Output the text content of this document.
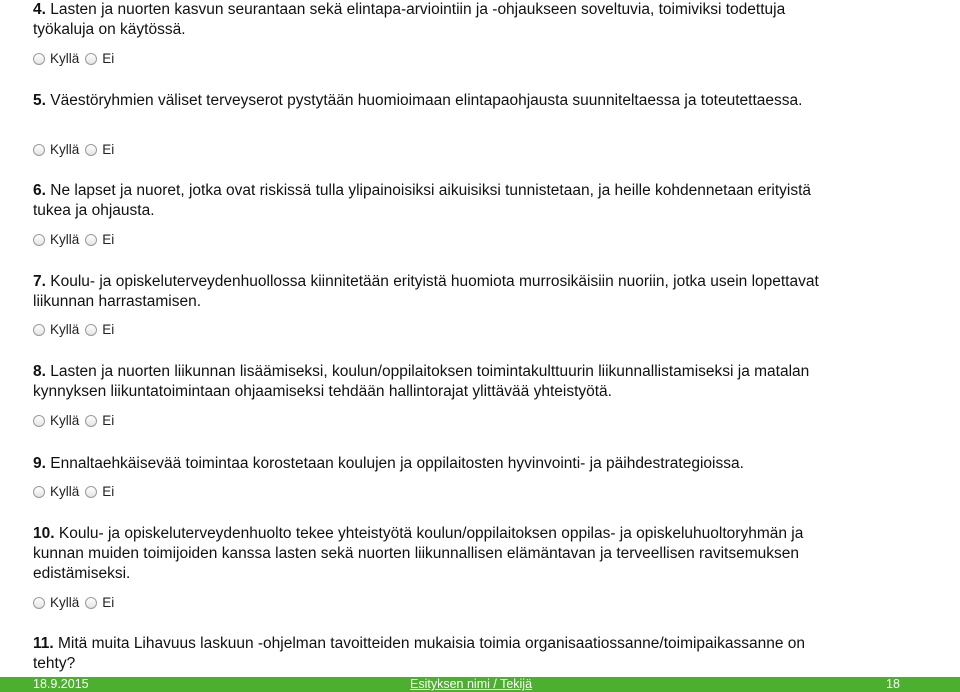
4. Lasten ja nuorten kasvun seurantaan sekä elintapa-arviointiin ja -ohjaukseen soveltuvia, toimiviksi todettuja työkaluja on käytössä.

Kyllä Ei

5. Väestöryhmien väliset terveyserot pystytään huomioimaan elintapaohjausta suunniteltaessa ja toteutettaessa.

Kyllä Ei

6. Ne lapset ja nuoret, jotka ovat riskissä tulla ylipainoisiksi aikuisiksi tunnistetaan, ja heille kohdennetaan erityistä tukea ja ohjausta.

Kyllä Ei

7. Koulu- ja opiskeluterveydenhuollossa kiinnitetään erityistä huomiota murrosikäisiin nuoriin, jotka usein lopettavat liikunnan harrastamisen.

Kyllä Ei

8. Lasten ja nuorten liikunnan lisäämiseksi, koulun/oppilaitoksen toimintakulttuurin liikunnallistamiseksi ja matalan kynnyksen liikuntatoimintaan ohjaamiseksi tehdään hallintorajat ylittävää yhteistyötä.

Kyllä Ei

9. Ennaltaehkäisevää toimintaa korostetaan koulujen ja oppilaitosten hyvinvointi- ja päihdestrategioissa.

Kyllä Ei

10. Koulu- ja opiskeluterveydenhuolto tekee yhteistyötä koulun/oppilaitoksen oppilas- ja opiskeluhuoltoryhmän ja kunnan muiden toimijoiden kanssa lasten sekä nuorten liikunnallisen elämäntavan ja terveellisen ravitsemuksen edistämiseksi.

Kyllä Ei

11. Mitä muita Lihavuus laskuun -ohjelman tavoitteiden mukaisia toimia organisaatiossanne/toimipaikassanne on tehty?

18.9.2015	Esityksen nimi / Tekijä	18
